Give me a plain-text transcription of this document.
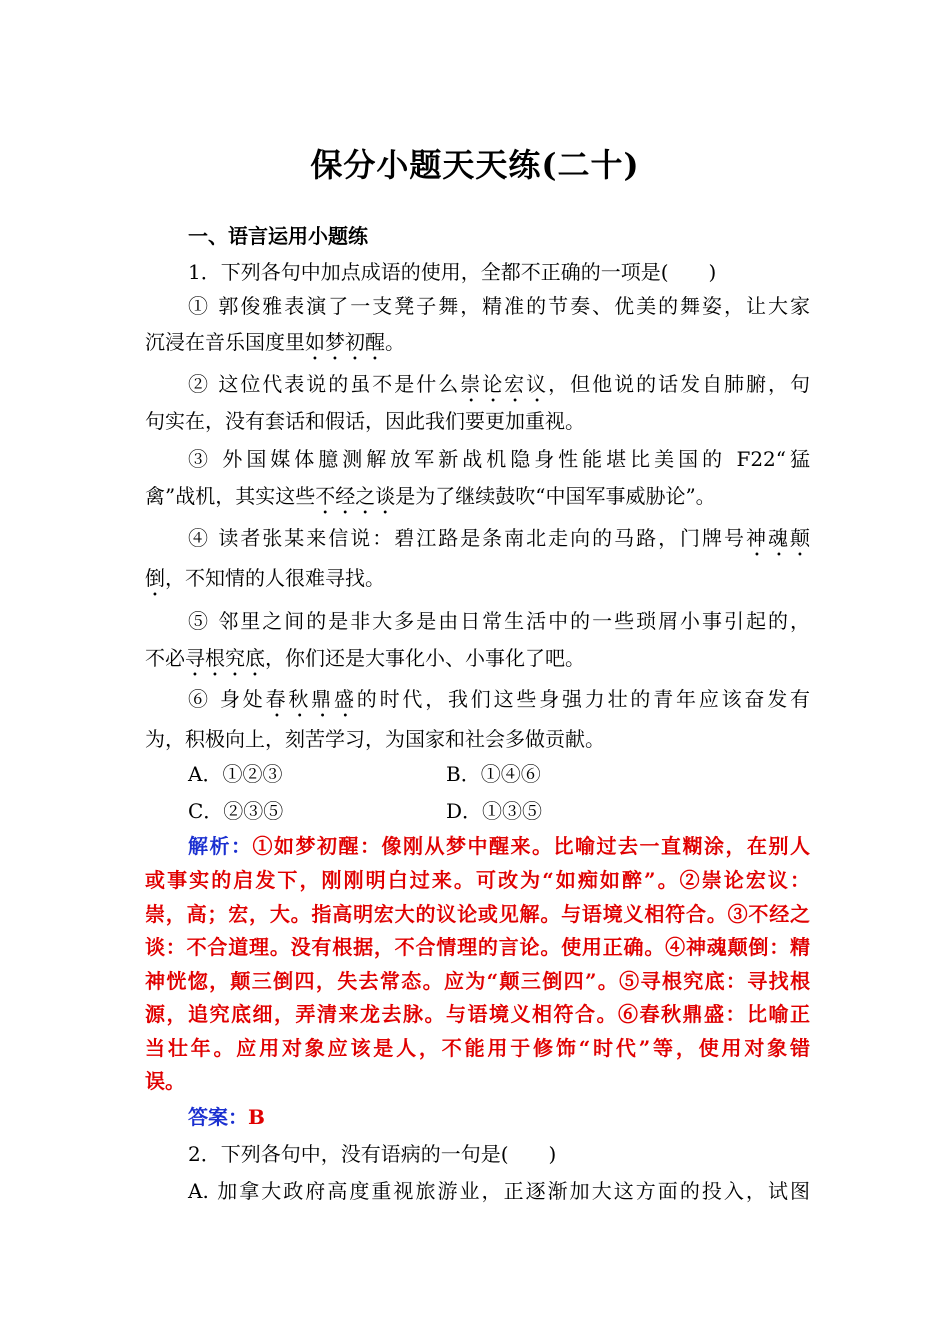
保分小题天天练(二十)
一、语言运用小题练
1．下列各句中加点成语的使用，全都不正确的一项是(　　)
① 郭俊雅表演了一支凳子舞，精准的节奏、优美的舞姿，让大家
沉浸在音乐国度里如梦初醒。
② 这位代表说的虽不是什么崇论宏议，但他说的话发自肺腑，句
句实在，没有套话和假话，因此我们要更加重视。
③ 外国媒体臆测解放军新战机隐身性能堪比美国的 F22“猛
禽”战机，其实这些不经之谈是为了继续鼓吹“中国军事威胁论”。
④ 读者张某来信说：碧江路是条南北走向的马路，门牌号神魂颠
倒，不知情的人很难寻找。
⑤ 邻里之间的是非大多是由日常生活中的一些琐屑小事引起的，
不必寻根究底，你们还是大事化小、小事化了吧。
⑥ 身处春秋鼎盛的时代，我们这些身强力壮的青年应该奋发有
为，积极向上，刻苦学习，为国家和社会多做贡献。
A．①②③	B．①④⑥
C．②③⑤	D．①③⑤
解析：①如梦初醒：像刚从梦中醒来。比喻过去一直糊涂，在别人
或事实的启发下，刚刚明白过来。可改为“如痴如醉”。②崇论宏议：
崇，高；宏，大。指高明宏大的议论或见解。与语境义相符合。③不经之
谈：不合道理。没有根据，不合情理的言论。使用正确。④神魂颠倒：精
神恍惚，颠三倒四，失去常态。应为“颠三倒四”。⑤寻根究底：寻找根
源，追究底细，弄清来龙去脉。与语境义相符合。⑥春秋鼎盛：比喻正
当壮年。应用对象应该是人，不能用于修饰“时代”等，使用对象错
误。
答案：B
2．下列各句中，没有语病的一句是(　　)
A. 加拿大政府高度重视旅游业，正逐渐加大这方面的投入，试图
